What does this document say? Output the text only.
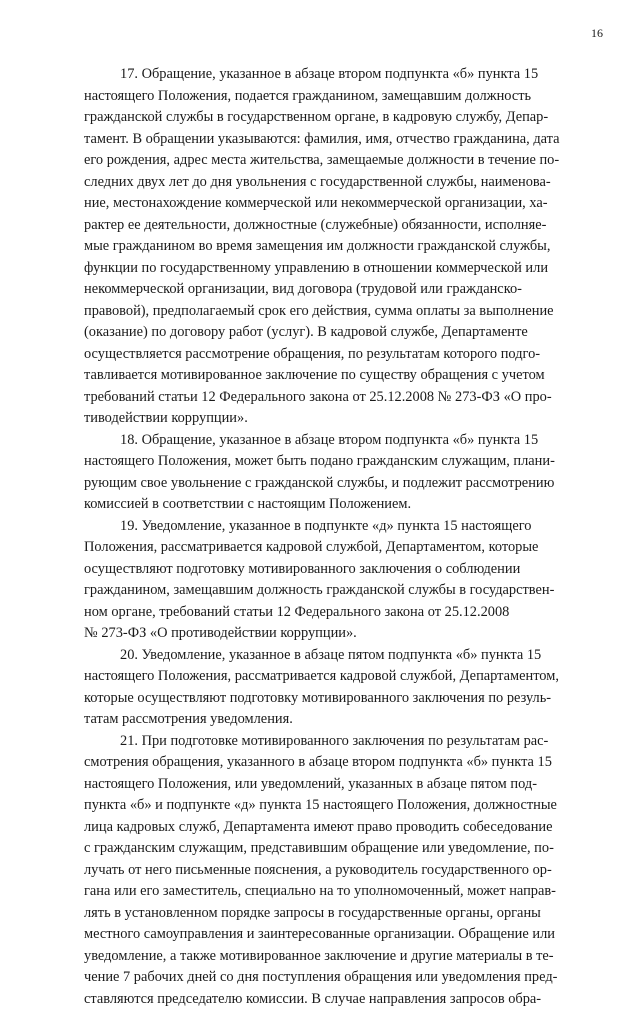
16

17. Обращение, указанное в абзаце втором подпункта «б» пункта 15
настоящего Положения, подается гражданином, замещавшим должность
гражданской службы в государственном органе, в кадровую службу, Депар-
тамент. В обращении указываются: фамилия, имя, отчество гражданина, дата
его рождения, адрес места жительства, замещаемые должности в течение по-
следних двух лет до дня увольнения с государственной службы, наименова-
ние, местонахождение коммерческой или некоммерческой организации, ха-
рактер ее деятельности, должностные (служебные) обязанности, исполняе-
мые гражданином во время замещения им должности гражданской службы,
функции по государственному управлению в отношении коммерческой или
некоммерческой организации, вид договора (трудовой или гражданско-
правовой), предполагаемый срок его действия, сумма оплаты за выполнение
(оказание) по договору работ (услуг). В кадровой службе, Департаменте
осуществляется рассмотрение обращения, по результатам которого подго-
тавливается мотивированное заключение по существу обращения с учетом
требований статьи 12 Федерального закона от 25.12.2008 № 273-ФЗ «О про-
тиводействии коррупции».

18. Обращение, указанное в абзаце втором подпункта «б» пункта 15
настоящего Положения, может быть подано гражданским служащим, плани-
рующим свое увольнение с гражданской службы, и подлежит рассмотрению
комиссией в соответствии с настоящим Положением.

19. Уведомление, указанное в подпункте «д» пункта 15 настоящего
Положения, рассматривается кадровой службой, Департаментом, которые
осуществляют подготовку мотивированного заключения о соблюдении
гражданином, замещавшим должность гражданской службы в государствен-
ном органе, требований статьи 12 Федерального закона от 25.12.2008
№ 273-ФЗ «О противодействии коррупции».

20. Уведомление, указанное в абзаце пятом подпункта «б» пункта 15
настоящего Положения, рассматривается кадровой службой, Департаментом,
которые осуществляют подготовку мотивированного заключения по резуль-
татам рассмотрения уведомления.

21. При подготовке мотивированного заключения по результатам рас-
смотрения обращения, указанного в абзаце втором подпункта «б» пункта 15
настоящего Положения, или уведомлений, указанных в абзаце пятом под-
пункта «б» и подпункте «д» пункта 15 настоящего Положения, должностные
лица кадровых служб, Департамента имеют право проводить собеседование
с гражданским служащим, представившим обращение или уведомление, по-
лучать от него письменные пояснения, а руководитель государственного ор-
гана или его заместитель, специально на то уполномоченный, может направ-
лять в установленном порядке запросы в государственные органы, органы
местного самоуправления и заинтересованные организации. Обращение или
уведомление, а также мотивированное заключение и другие материалы в те-
чение 7 рабочих дней со дня поступления обращения или уведомления пред-
ставляются председателю комиссии. В случае направления запросов обра-
